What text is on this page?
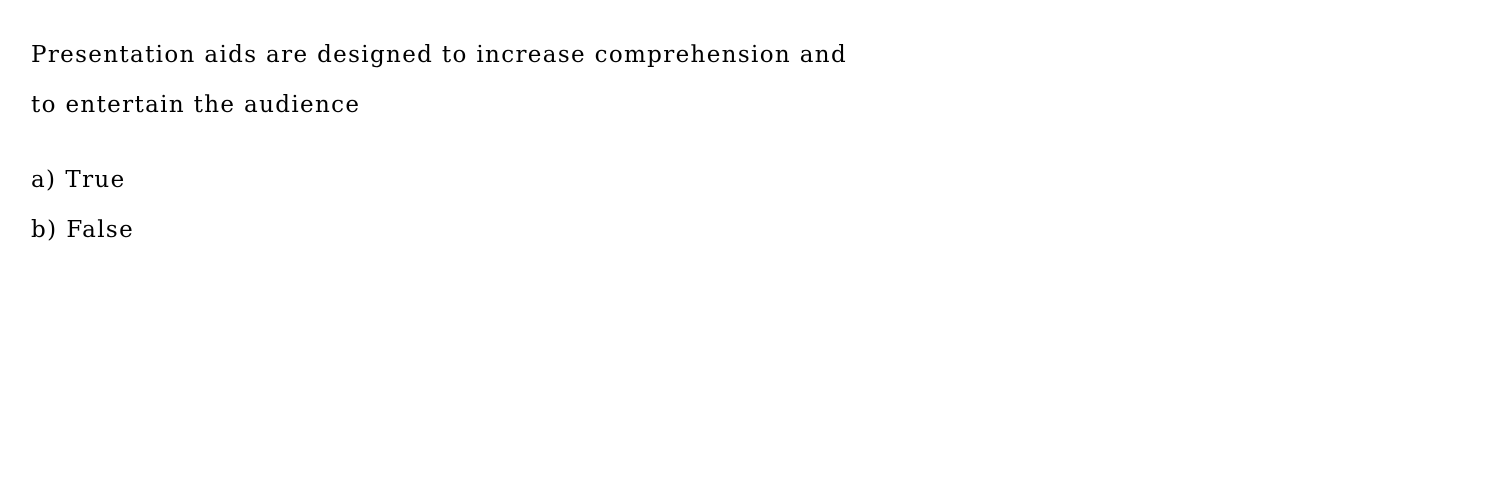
Presentation aids are designed to increase comprehension and

to entertain the audience

a) True
b) False
